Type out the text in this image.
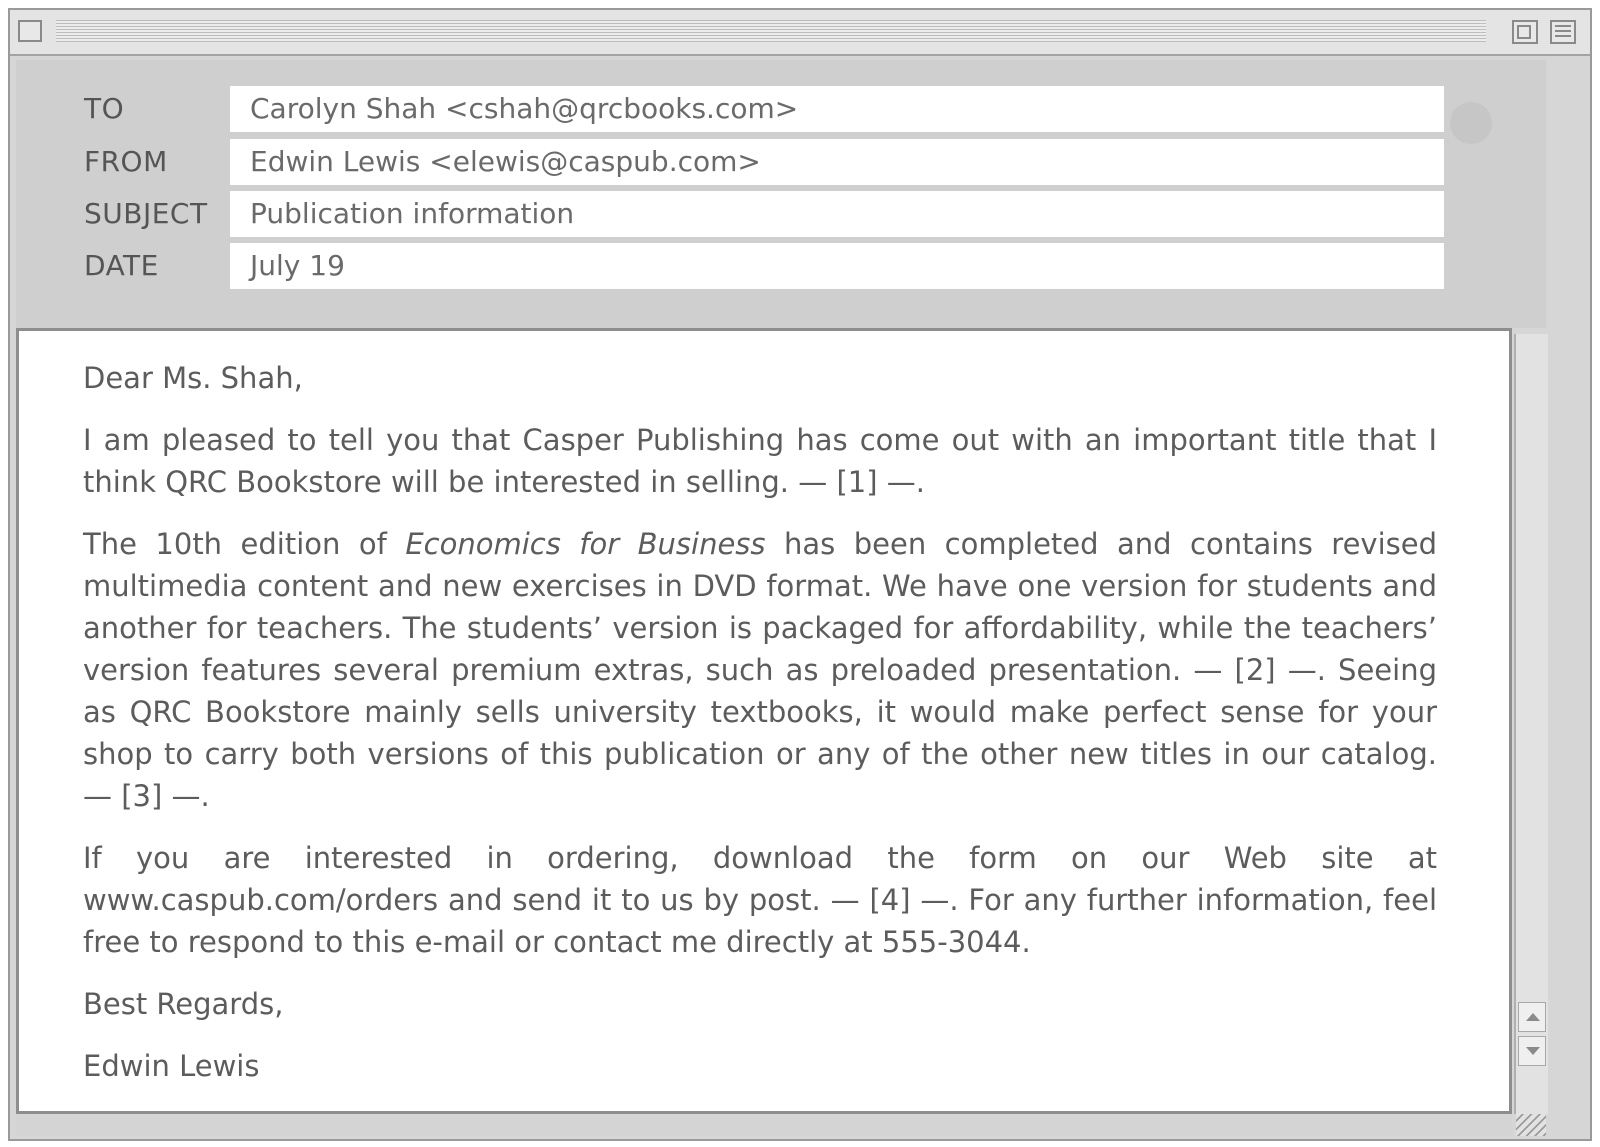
TO	Carolyn Shah <cshah@qrcbooks.com>
FROM	Edwin Lewis <elewis@caspub.com>
SUBJECT	Publication information
DATE	July 19

Dear Ms. Shah,

I am pleased to tell you that Casper Publishing has come out with an important title that I think QRC Bookstore will be interested in selling. — [1] —.

The 10th edition of Economics for Business has been completed and contains revised multimedia content and new exercises in DVD format. We have one version for students and another for teachers. The students’ version is packaged for affordability, while the teachers’ version features several premium extras, such as preloaded presentation. — [2] —. Seeing as QRC Bookstore mainly sells university textbooks, it would make perfect sense for your shop to carry both versions of this publication or any of the other new titles in our catalog. — [3] —.

If you are interested in ordering, download the form on our Web site at www.caspub.com/orders and send it to us by post. — [4] —. For any further information, feel free to respond to this e-mail or contact me directly at 555-3044.

Best Regards,

Edwin Lewis
